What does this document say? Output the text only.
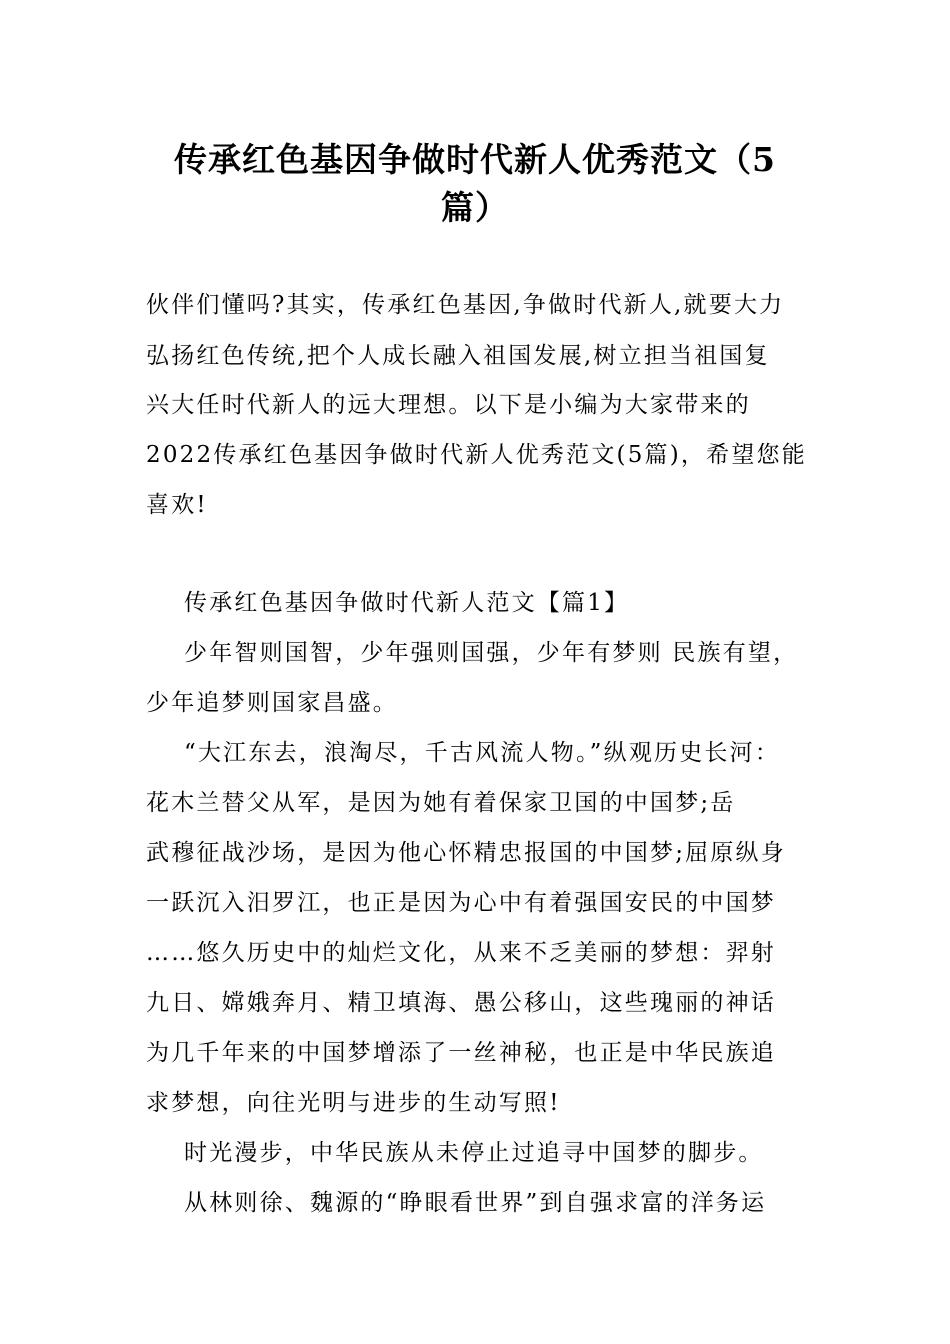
传承红色基因争做时代新人优秀范文（5
篇）

伙伴们懂吗?其实，传承红色基因,争做时代新人,就要大力

弘扬红色传统,把个人成长融入祖国发展,树立担当祖国复

兴大任时代新人的远大理想。以下是小编为大家带来的

2022传承红色基因争做时代新人优秀范文(5篇)，希望您能

喜欢!

传承红色基因争做时代新人范文【篇1】

少年智则国智，少年强则国强，少年有梦则 民族有望，

少年追梦则国家昌盛。

“大江东去，浪淘尽，千古风流人物。”纵观历史长河：

花木兰替父从军，是因为她有着保家卫国的中国梦;岳

武穆征战沙场，是因为他心怀精忠报国的中国梦;屈原纵身

一跃沉入汨罗江，也正是因为心中有着强国安民的中国梦

……悠久历史中的灿烂文化，从来不乏美丽的梦想：羿射

九日、嫦娥奔月、精卫填海、愚公移山，这些瑰丽的神话

为几千年来的中国梦增添了一丝神秘，也正是中华民族追

求梦想，向往光明与进步的生动写照!

时光漫步，中华民族从未停止过追寻中国梦的脚步。

从林则徐、魏源的“睁眼看世界”到自强求富的洋务运
